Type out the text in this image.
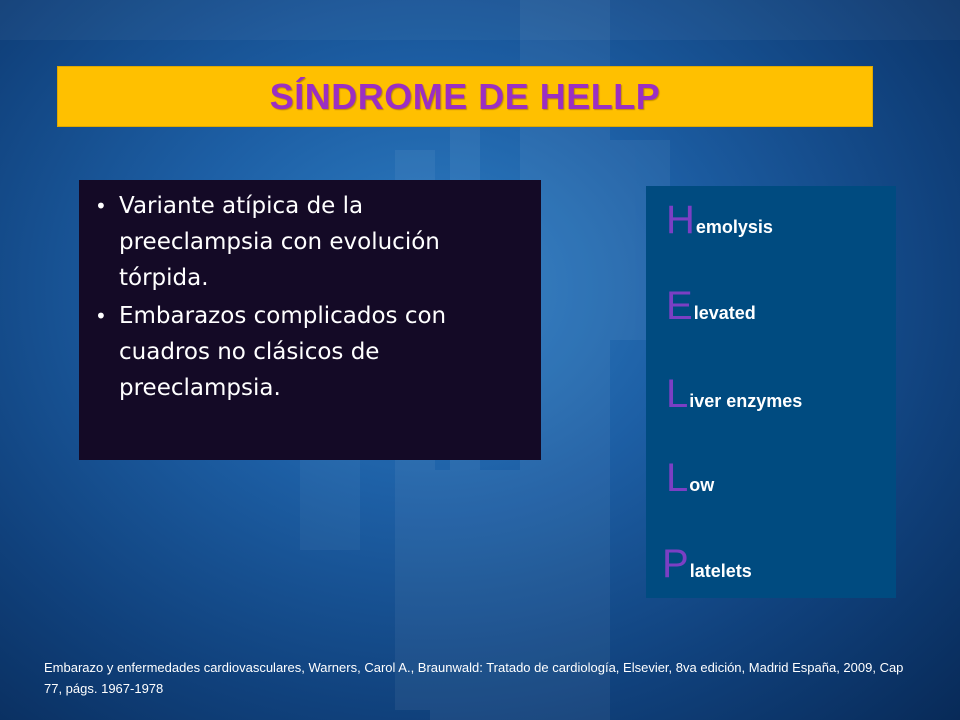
SÍNDROME DE HELLP
• Variante atípica de la preeclampsia con evolución tórpida.
• Embarazos complicados con cuadros no clásicos de preeclampsia.
H emolysis
E levated
L iver enzymes
L ow
P latelets
Embarazo y enfermedades cardiovasculares, Warners, Carol A., Braunwald: Tratado de cardiología, Elsevier, 8va edición, Madrid España, 2009, Cap 77, págs. 1967-1978
